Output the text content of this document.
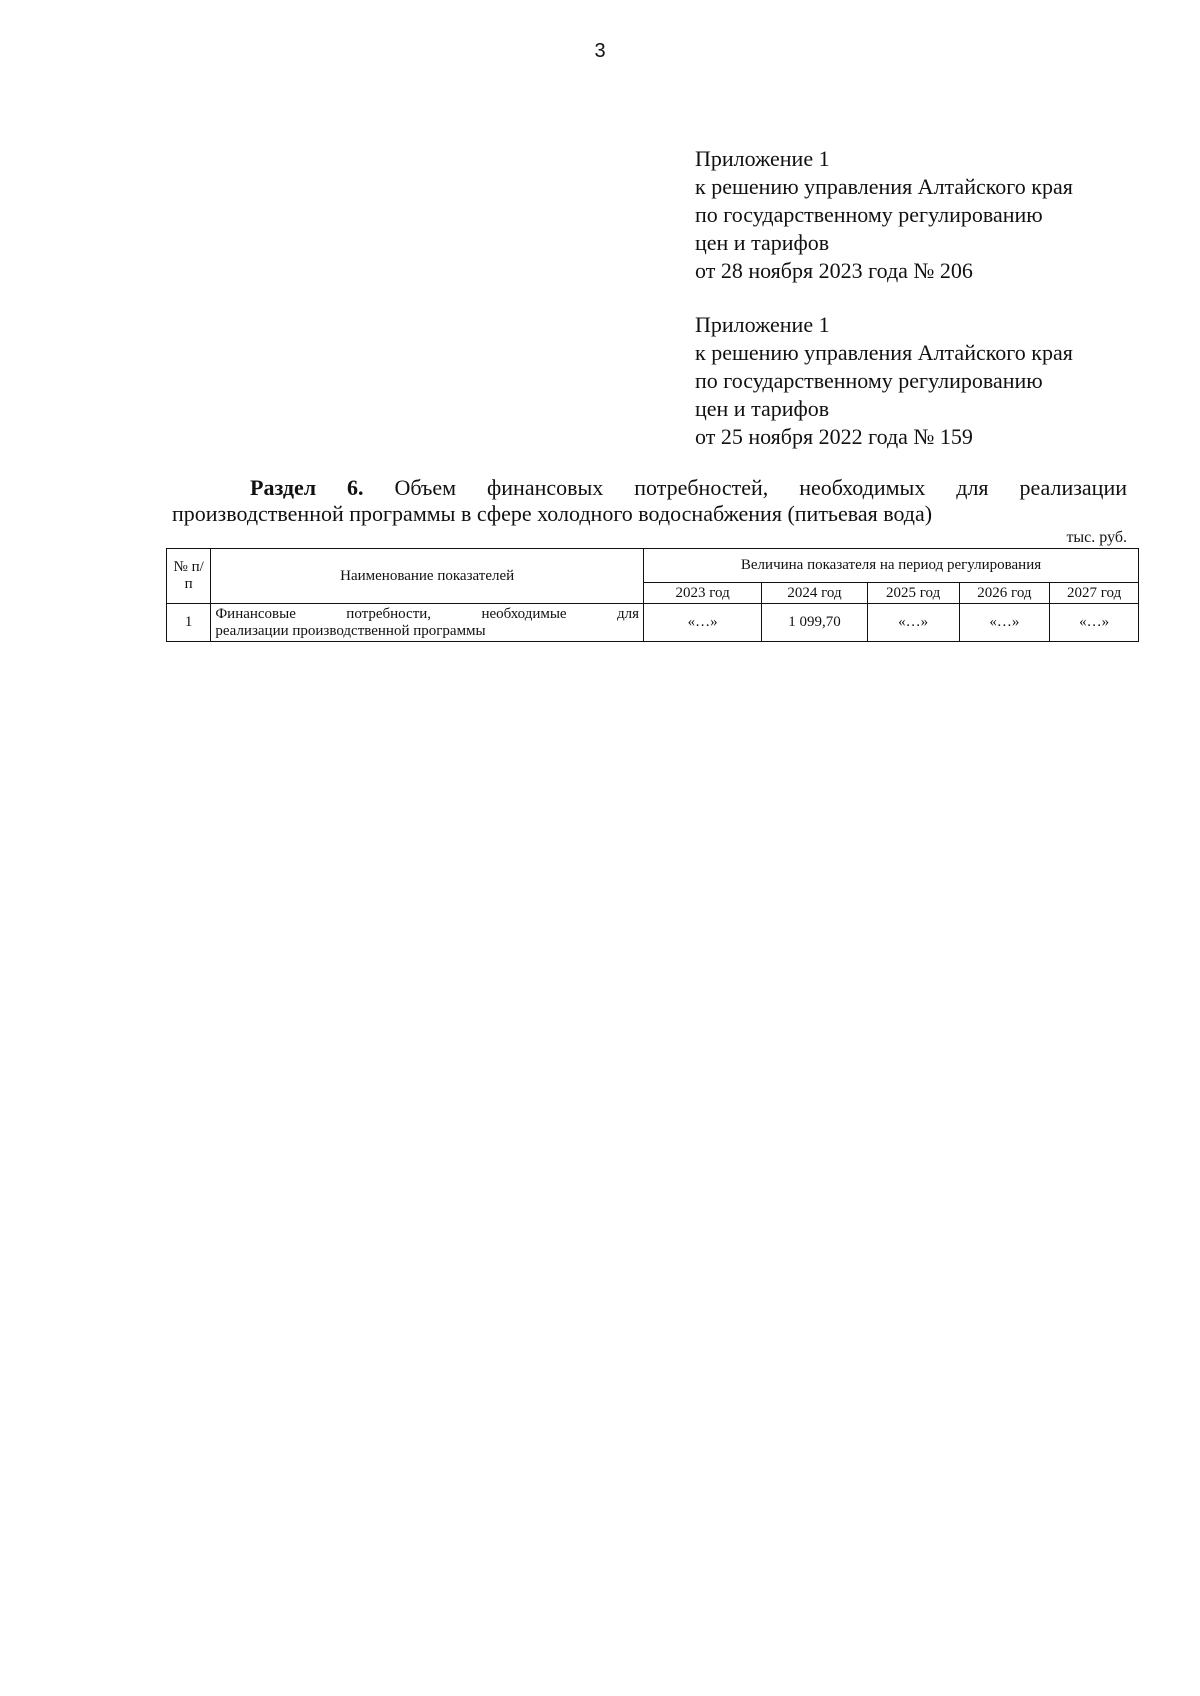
3
Приложение 1
к решению управления Алтайского края
по государственному регулированию
цен и тарифов
от 28 ноября 2023 года № 206
Приложение 1
к решению управления Алтайского края
по государственному регулированию
цен и тарифов
от 25 ноября 2022 года № 159
Раздел 6. Объем финансовых потребностей, необходимых для реализации
производственной программы в сфере холодного водоснабжения (питьевая вода)
тыс. руб.
№ п/п	Наименование показателей	Величина показателя на период регулирования				
		2023 год	2024 год	2025 год	2026 год	2027 год
1	Финансовые потребности, необходимые для
реализации производственной программы	«…»	1 099,70	«…»	«…»	«…»
